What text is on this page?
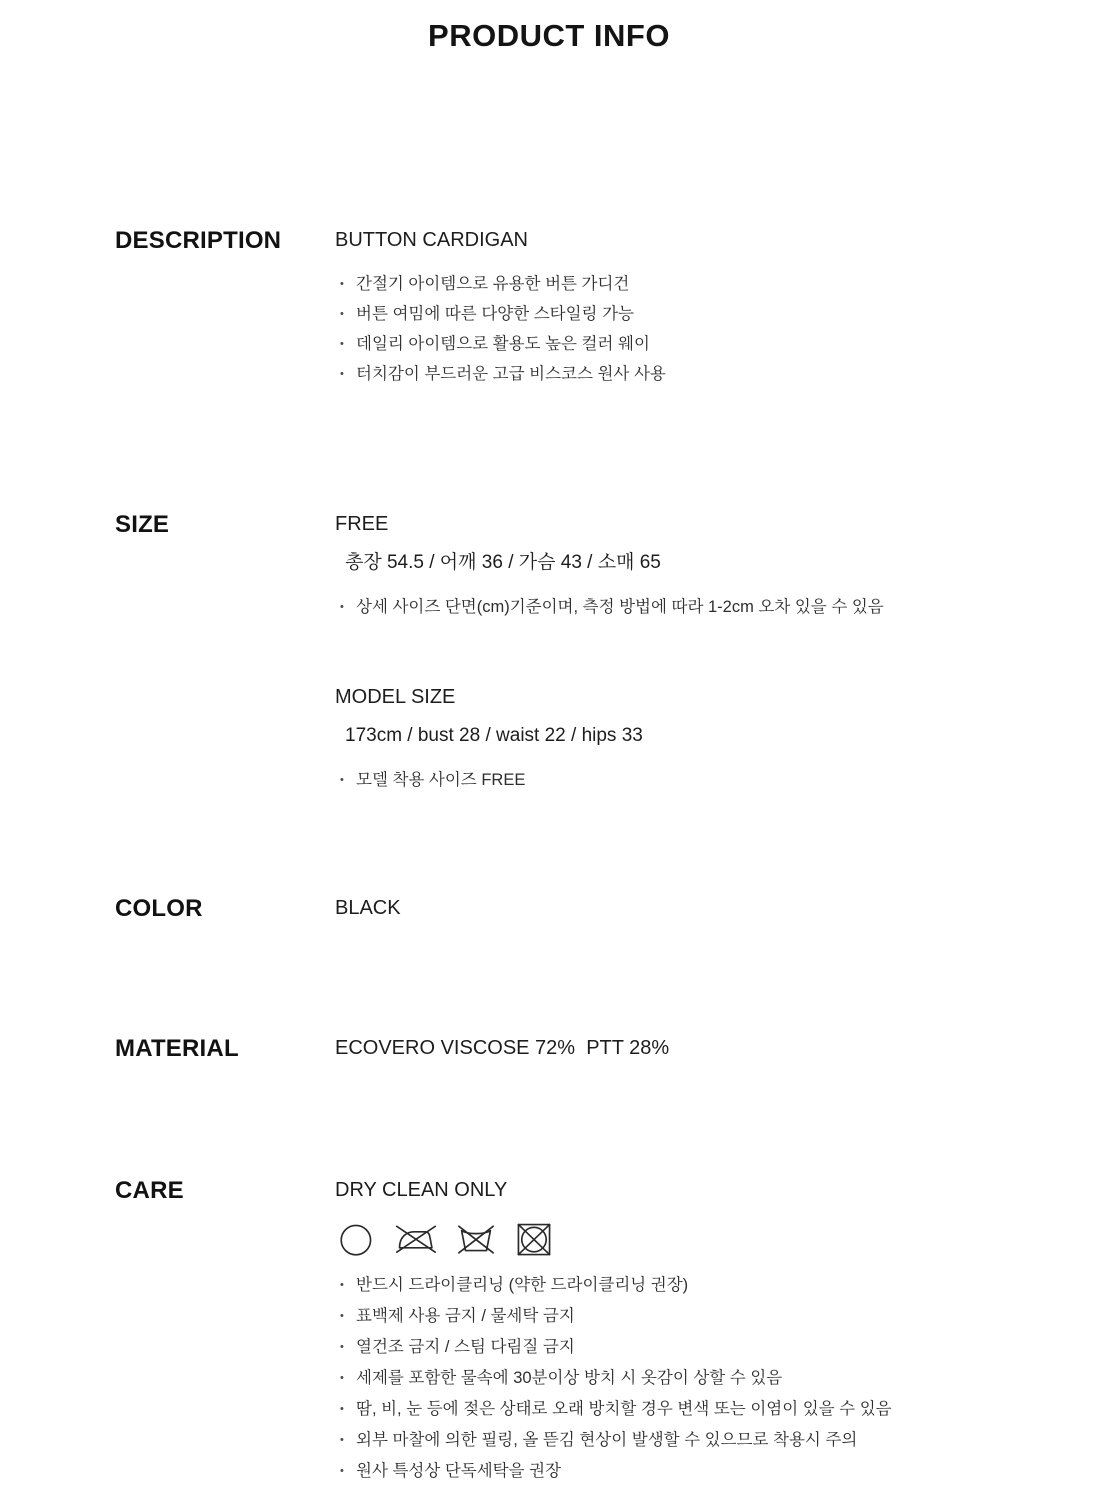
PRODUCT INFO
DESCRIPTION	BUTTON CARDIGAN
• 간절기 아이템으로 유용한 버튼 가디건
• 버튼 여밈에 따른 다양한 스타일링 가능
• 데일리 아이템으로 활용도 높은 컬러 웨이
• 터치감이 부드러운 고급 비스코스 원사 사용
SIZE	FREE
총장 54.5 / 어깨 36 / 가슴 43 / 소매 65
• 상세 사이즈 단면(cm)기준이며, 측정 방법에 따라 1-2cm 오차 있을 수 있음
MODEL SIZE
173cm / bust 28 / waist 22 / hips 33
• 모델 착용 사이즈 FREE
COLOR	BLACK
MATERIAL	ECOVERO VISCOSE 72%  PTT 28%
CARE	DRY CLEAN ONLY
• 반드시 드라이클리닝 (약한 드라이클리닝 권장)
• 표백제 사용 금지 / 물세탁 금지
• 열건조 금지 / 스팀 다림질 금지
• 세제를 포함한 물속에 30분이상 방치 시 옷감이 상할 수 있음
• 땀, 비, 눈 등에 젖은 상태로 오래 방치할 경우 변색 또는 이염이 있을 수 있음
• 외부 마찰에 의한 필링, 올 뜯김 현상이 발생할 수 있으므로 착용시 주의
• 원사 특성상 단독세탁을 권장
